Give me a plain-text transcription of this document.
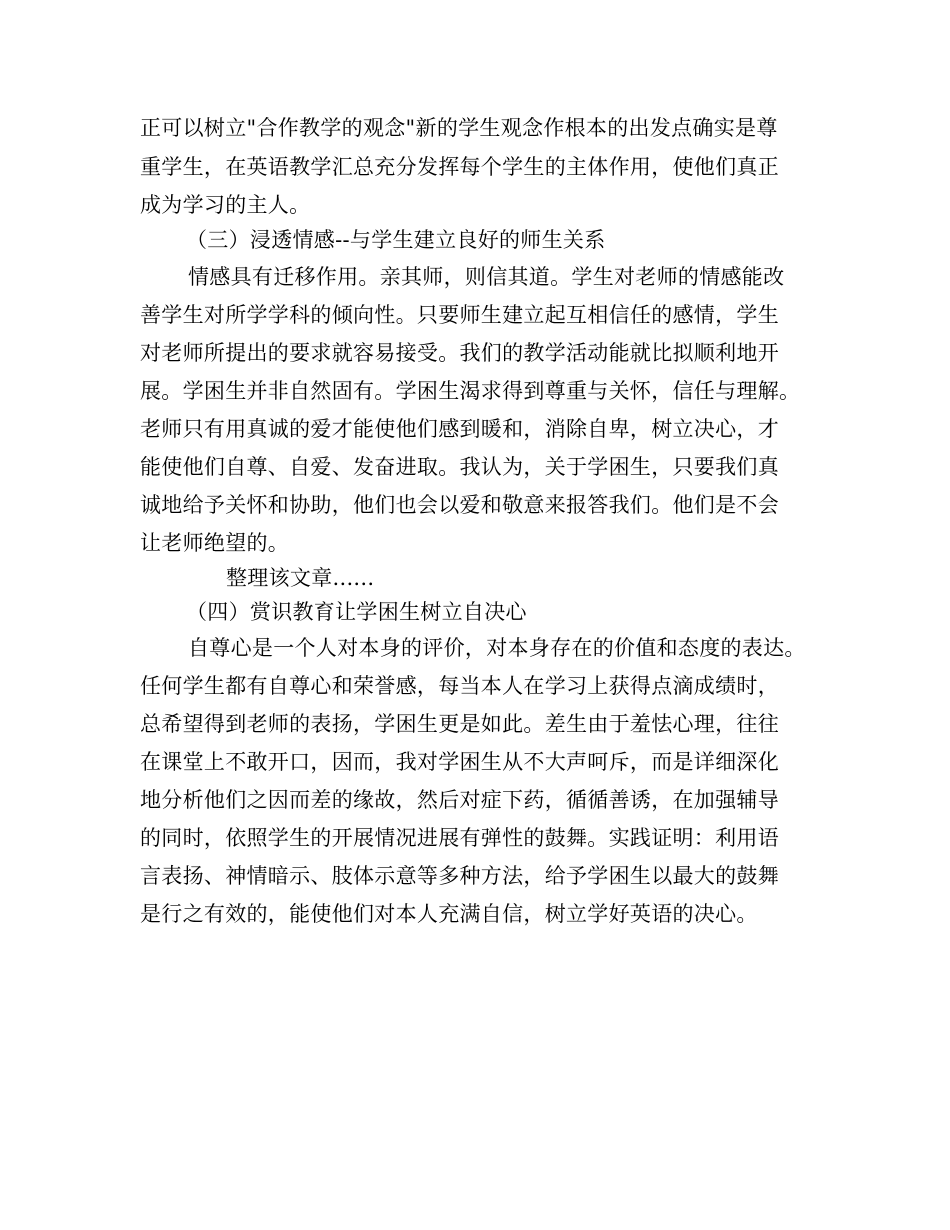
正可以树立"合作教学的观念"新的学生观念作根本的出发点确实是尊
重学生，在英语教学汇总充分发挥每个学生的主体作用，使他们真正
成为学习的主人。
（三）浸透情感--与学生建立良好的师生关系
情感具有迁移作用。亲其师，则信其道。学生对老师的情感能改
善学生对所学学科的倾向性。只要师生建立起互相信任的感情，学生
对老师所提出的要求就容易接受。我们的教学活动能就比拟顺利地开
展。学困生并非自然固有。学困生渴求得到尊重与关怀，信任与理解。
老师只有用真诚的爱才能使他们感到暖和，消除自卑，树立决心，才
能使他们自尊、自爱、发奋进取。我认为，关于学困生，只要我们真
诚地给予关怀和协助，他们也会以爱和敬意来报答我们。他们是不会
让老师绝望的。
整理该文章......
（四）赏识教育让学困生树立自决心
自尊心是一个人对本身的评价，对本身存在的价值和态度的表达。
任何学生都有自尊心和荣誉感，每当本人在学习上获得点滴成绩时，
总希望得到老师的表扬，学困生更是如此。差生由于羞怯心理，往往
在课堂上不敢开口，因而，我对学困生从不大声呵斥，而是详细深化
地分析他们之因而差的缘故，然后对症下药，循循善诱，在加强辅导
的同时，依照学生的开展情况进展有弹性的鼓舞。实践证明：利用语
言表扬、神情暗示、肢体示意等多种方法，给予学困生以最大的鼓舞
是行之有效的，能使他们对本人充满自信，树立学好英语的决心。
